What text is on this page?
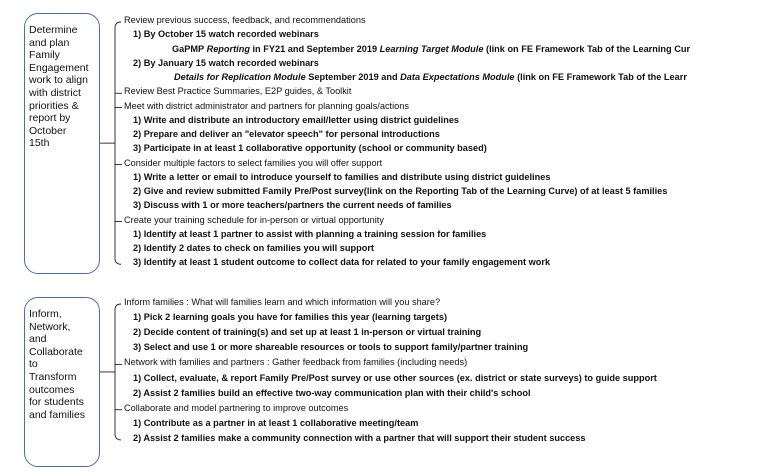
Determine
and plan
Family
Engagement
work to align
with district
priorities &
report by
October
15th
Inform,
Network,
and
Collaborate
to
Transform
outcomes
for students
and families
Review previous success, feedback, and recommendations
1) By October 15 watch recorded webinars
GaPMP Reporting in FY21 and September 2019 Learning Target Module (link on FE Framework Tab of the Learning Cur
2) By January 15 watch recorded webinars
Details for Replication Module September 2019 and Data Expectations Module (link on FE Framework Tab of the Learr
Review Best Practice Summaries, E2P guides, & Toolkit
Meet with district administrator and partners for planning goals/actions
1) Write and distribute an introductory email/letter using district guidelines
2) Prepare and deliver an "elevator speech" for personal introductions
3) Participate in at least 1 collaborative opportunity (school or community based)
Consider multiple factors to select families you will offer support
1) Write a letter or email to introduce yourself to families and distribute using district guidelines
2) Give and review submitted Family Pre/Post survey(link on the Reporting Tab of the Learning Curve) of at least 5 families
3) Discuss with 1 or more teachers/partners the current needs of families
Create your training schedule for in-person or virtual opportunity
1) Identify at least 1 partner to assist with planning a training session for families
2) Identify 2 dates to check on families you will support
3) Identify at least 1 student outcome to collect data for related to your family engagement work
Inform families : What will families learn and which information will you share?
1) Pick 2 learning goals you have for families this year (learning targets)
2) Decide content of training(s) and set up at least 1 in-person or virtual training
3) Select and use 1 or more shareable resources or tools to support family/partner training
Network with families and partners : Gather feedback from families (including needs)
1) Collect, evaluate, & report Family Pre/Post survey or use other sources (ex. district or state surveys) to guide support
2) Assist 2 families build an effective two-way communication plan with their child's school
Collaborate and model partnering to improve outcomes
1) Contribute as a partner in at least 1 collaborative meeting/team
2) Assist 2 families make a community connection with a partner that will support their student success
